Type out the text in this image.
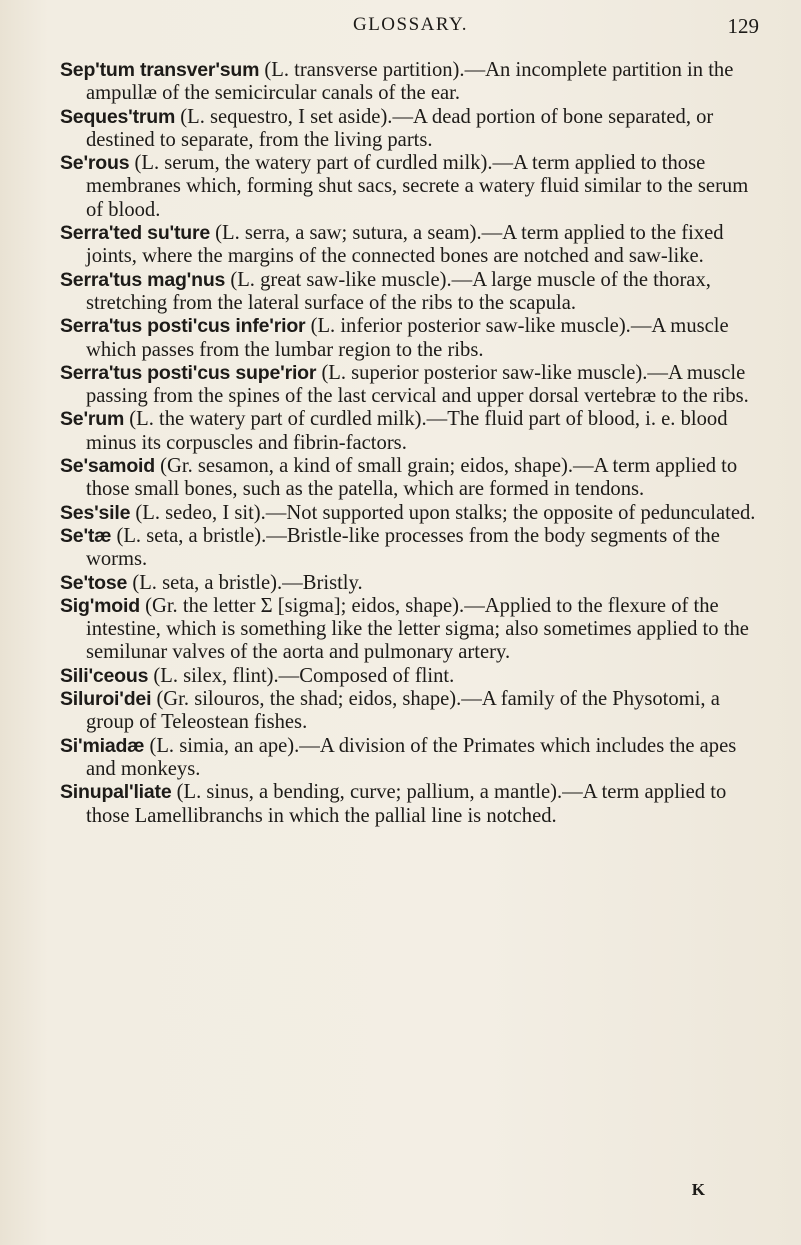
GLOSSARY.	129

Sep'tum transver'sum (L. transverse partition).—An incomplete partition in the ampullæ of the semicircular canals of the ear.

Seques'trum (L. sequestro, I set aside).—A dead portion of bone separated, or destined to separate, from the living parts.

Se'rous (L. serum, the watery part of curdled milk).—A term applied to those membranes which, forming shut sacs, secrete a watery fluid similar to the serum of blood.

Serra'ted su'ture (L. serra, a saw; sutura, a seam).—A term applied to the fixed joints, where the margins of the connected bones are notched and saw-like.

Serra'tus mag'nus (L. great saw-like muscle).—A large muscle of the thorax, stretching from the lateral surface of the ribs to the scapula.

Serra'tus posti'cus infe'rior (L. inferior posterior saw-like muscle).—A muscle which passes from the lumbar region to the ribs.

Serra'tus posti'cus supe'rior (L. superior posterior saw-like muscle).—A muscle passing from the spines of the last cervical and upper dorsal vertebræ to the ribs.

Se'rum (L. the watery part of curdled milk).—The fluid part of blood, i. e. blood minus its corpuscles and fibrin-factors.

Se'samoid (Gr. sesamon, a kind of small grain; eidos, shape).—A term applied to those small bones, such as the patella, which are formed in tendons.

Ses'sile (L. sedeo, I sit).—Not supported upon stalks; the opposite of pedunculated.

Se'tæ (L. seta, a bristle).—Bristle-like processes from the body segments of the worms.

Se'tose (L. seta, a bristle).—Bristly.

Sig'moid (Gr. the letter Σ [sigma]; eidos, shape).—Applied to the flexure of the intestine, which is something like the letter sigma; also sometimes applied to the semilunar valves of the aorta and pulmonary artery.

Sili'ceous (L. silex, flint).—Composed of flint.

Siluroi'dei (Gr. silouros, the shad; eidos, shape).—A family of the Physotomi, a group of Teleostean fishes.

Si'miadæ (L. simia, an ape).—A division of the Primates which includes the apes and monkeys.

Sinupal'liate (L. sinus, a bending, curve; pallium, a mantle).—A term applied to those Lamellibranchs in which the pallial line is notched.

K
